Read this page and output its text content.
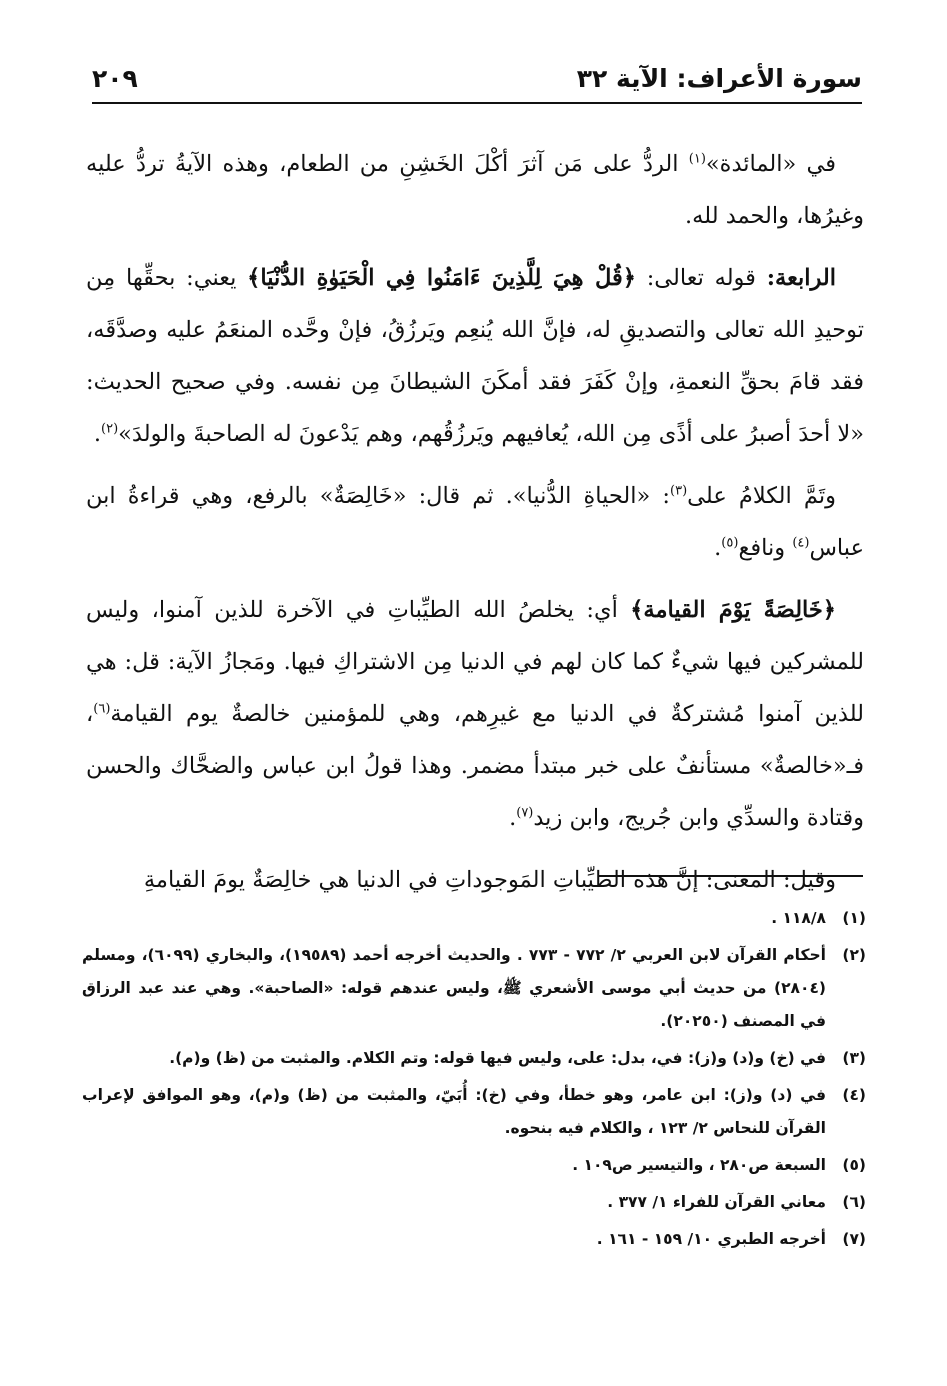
سورة الأعراف: الآية ٣٢
٢٠٩

في «المائدة»$^{(١)}$ الردُّ على مَن آثرَ أكْلَ الخَشِنِ من الطعام، وهذه الآيةُ تردُّ عليه وغيرُها، والحمد لله.

الرابعة: قوله تعالى: ﴿قُلْ هِيَ لِلَّذِينَ ءَامَنُوا فِي الْحَيَوٰةِ الدُّنْيَا﴾ يعني: بحقِّها مِن توحيدِ الله تعالى والتصديقِ له، فإنَّ الله يُنعِم ويَرزُقُ، فإنْ وحَّده المنعَمُ عليه وصدَّقَه، فقد قامَ بحقِّ النعمةِ، وإنْ كَفَرَ فقد أمكَنَ الشيطانَ مِن نفسه. وفي صحيح الحديث: «لا أحدَ أصبرُ على أذًى مِن الله، يُعافيهم ويَرزُقُهم، وهم يَدْعونَ له الصاحبةَ والولدَ»$^{(٢)}$.

وتَمَّ الكلامُ على$^{(٣)}$: «الحياةِ الدُّنيا». ثم قال: «خَالِصَةٌ» بالرفع، وهي قراءةُ ابن عباس$^{(٤)}$ ونافع$^{(٥)}$.

﴿خَالِصَةً يَوْمَ القيامة﴾ أي: يخلصُ الله الطيِّباتِ في الآخرة للذين آمنوا، وليس للمشركين فيها شيءٌ كما كان لهم في الدنيا مِن الاشتراكِ فيها. ومَجازُ الآية: قل: هي للذين آمنوا مُشتركةٌ في الدنيا مع غيرِهم، وهي للمؤمنين خالصةٌ يوم القيامة$^{(٦)}$، فـ«خالصةٌ» مستأنفٌ على خبر مبتدأ مضمر. وهذا قولُ ابن عباس والضحَّاك والحسن وقتادة والسدِّي وابن جُريج، وابن زيد$^{(٧)}$.

وقيل: المعنى: إنَّ هذه الطيِّباتِ المَوجوداتِ في الدنيا هي خالِصَةٌ يومَ القيامةِ

(١)
١١٨/٨ .
(٢)
أحكام القرآن لابن العربي ٢/ ٧٧٢ - ٧٧٣ . والحديث أخرجه أحمد (١٩٥٨٩)، والبخاري (٦٠٩٩)، ومسلم (٢٨٠٤) من حديث أبي موسى الأشعري ﷺ، وليس عندهم قوله: «الصاحبة». وهي عند عبد الرزاق في المصنف (٢٠٢٥٠).
(٣)
في (خ) و(د) و(ز): في، بدل: على، وليس فيها قوله: وتم الكلام. والمثبت من (ظ) و(م).
(٤)
في (د) و(ز): ابن عامر، وهو خطأ، وفي (خ): أُبَيّ، والمثبت من (ظ) و(م)، وهو الموافق لإعراب القرآن للنحاس ٢/ ١٢٣ ، والكلام فيه بنحوه.
(٥)
السبعة ص٢٨٠ ، والتيسير ص١٠٩ .
(٦)
معاني القرآن للفراء ١/ ٣٧٧ .
(٧)
أخرجه الطبري ١٠/ ١٥٩ - ١٦١ .
